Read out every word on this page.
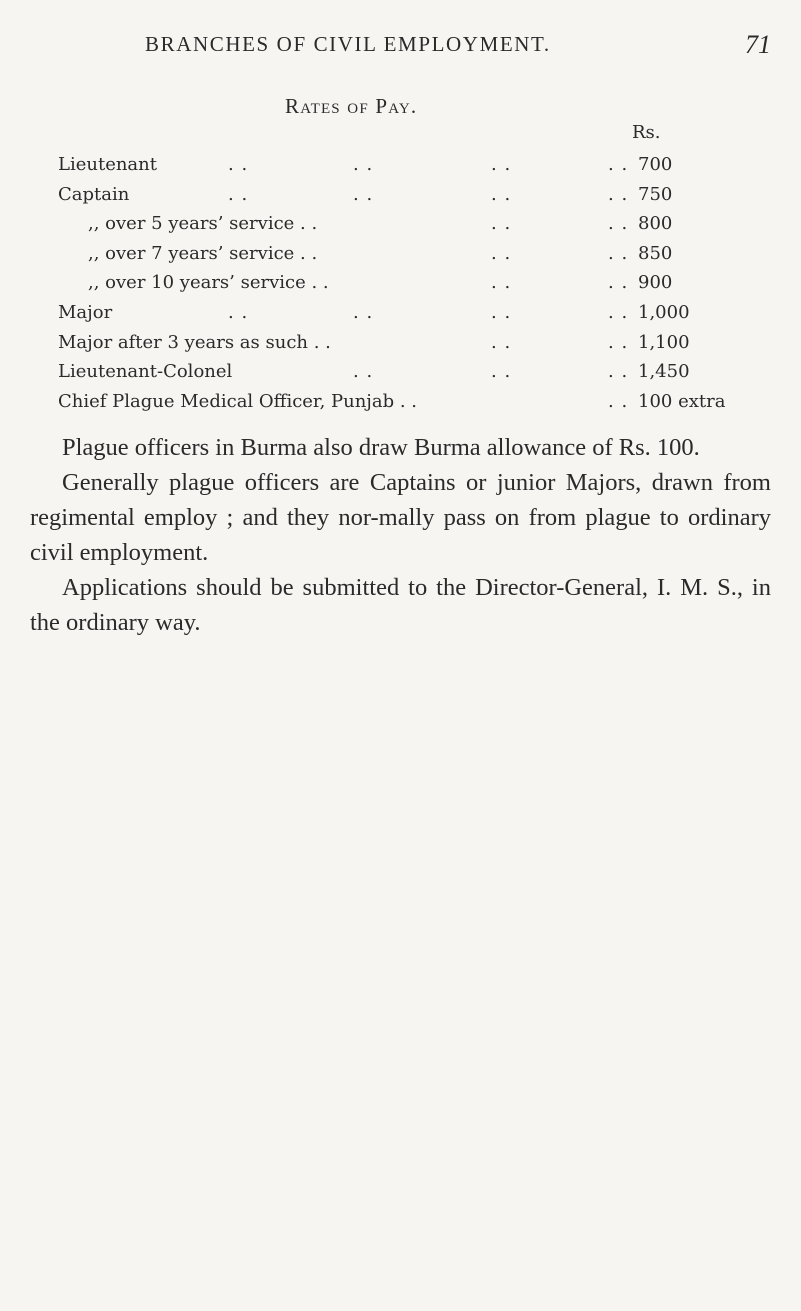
BRANCHES OF CIVIL EMPLOYMENT.	71
Rates of Pay.
Rs.
Lieutenant	. .	. .	. .	. . 700
Captain	. .	. .	. .	. . 750
,, over 5 years’ service . .	. .	. . 800
,, over 7 years’ service . .	. .	. . 850
,, over 10 years’ service . .	. .	. . 900
Major	. .	. .	. .	. . 1,000
Major after 3 years as such . .	. .	. . 1,100
Lieutenant-Colonel	. .	. .	. . 1,450
Chief Plague Medical Officer, Punjab . .	. . 100 extra

Plague officers in Burma also draw Burma allowance of Rs. 100.

Generally plague officers are Captains or junior Majors, drawn from regimental employ ; and they nor-mally pass on from plague to ordinary civil employment.

Applications should be submitted to the Director-General, I. M. S., in the ordinary way.
